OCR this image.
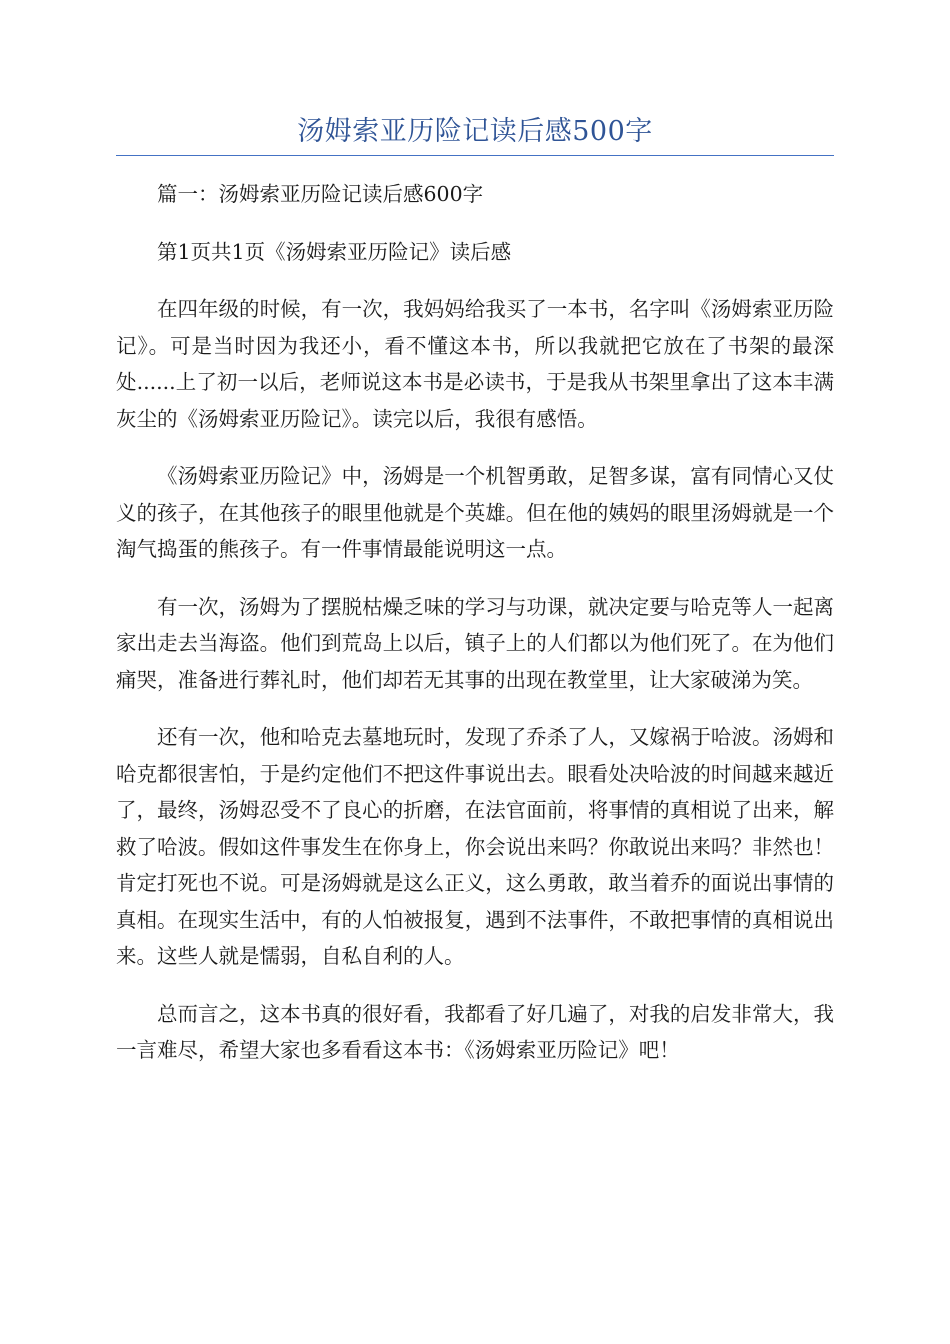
汤姆索亚历险记读后感500字

篇一：汤姆索亚历险记读后感600字

第1页共1页《汤姆索亚历险记》读后感

在四年级的时候，有一次，我妈妈给我买了一本书，名字叫《汤姆索亚历险记》。可是当时因为我还小，看不懂这本书，所以我就把它放在了书架的最深处......上了初一以后，老师说这本书是必读书，于是我从书架里拿出了这本丰满灰尘的《汤姆索亚历险记》。读完以后，我很有感悟。

《汤姆索亚历险记》中，汤姆是一个机智勇敢，足智多谋，富有同情心又仗义的孩子，在其他孩子的眼里他就是个英雄。但在他的姨妈的眼里汤姆就是一个淘气捣蛋的熊孩子。有一件事情最能说明这一点。

有一次，汤姆为了摆脱枯燥乏味的学习与功课，就决定要与哈克等人一起离家出走去当海盗。他们到荒岛上以后，镇子上的人们都以为他们死了。在为他们痛哭，准备进行葬礼时，他们却若无其事的出现在教堂里，让大家破涕为笑。

还有一次，他和哈克去墓地玩时，发现了乔杀了人，又嫁祸于哈波。汤姆和哈克都很害怕，于是约定他们不把这件事说出去。眼看处决哈波的时间越来越近了，最终，汤姆忍受不了良心的折磨，在法官面前，将事情的真相说了出来，解救了哈波。假如这件事发生在你身上，你会说出来吗？你敢说出来吗？非然也！肯定打死也不说。可是汤姆就是这么正义，这么勇敢，敢当着乔的面说出事情的真相。在现实生活中，有的人怕被报复，遇到不法事件，不敢把事情的真相说出来。这些人就是懦弱，自私自利的人。

总而言之，这本书真的很好看，我都看了好几遍了，对我的启发非常大，我一言难尽，希望大家也多看看这本书：《汤姆索亚历险记》吧！
